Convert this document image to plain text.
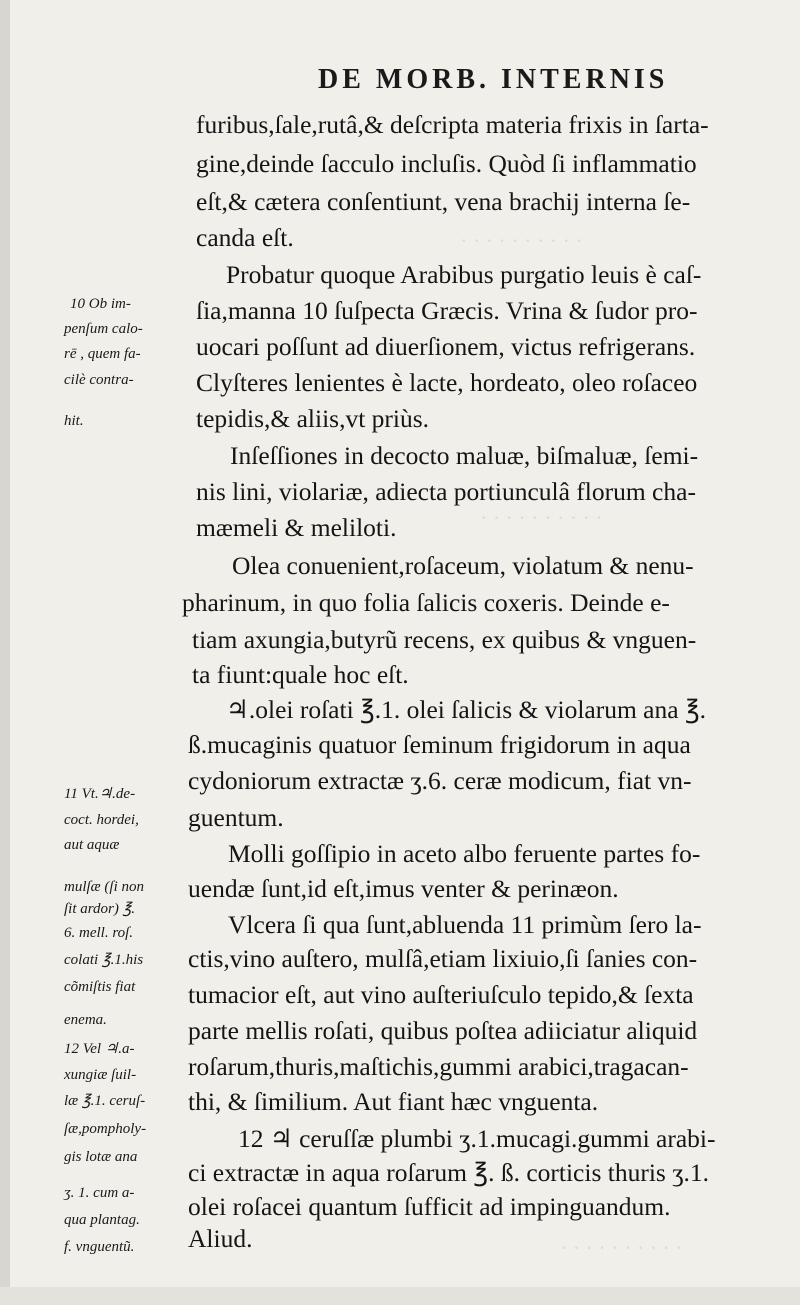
· · · · · · · · · ·
· · · · · · · · · ·
· · · · · · · · · ·
DE MORB. INTERNIS

furibus,ſale,rutâ,& deſcripta materia frixis in ſarta-

gine,deinde ſacculo incluſis. Quòd ſi inflammatio

eſt,& cætera conſentiunt, vena brachij interna ſe-

canda eſt.

Probatur quoque Arabibus purgatio leuis è caſ-

ſia,manna 10 ſuſpecta Græcis. Vrina & ſudor pro-

uocari poſſunt ad diuerſionem, victus refrigerans.

Clyſteres lenientes è lacte, hordeato, oleo roſaceo

tepidis,& aliis,vt priùs.

Inſeſſiones in decocto maluæ, biſmaluæ, ſemi-

nis lini, violariæ, adiecta portiunculâ florum cha-

mæmeli & meliloti.

Olea conuenient,roſaceum, violatum & nenu-

pharinum, in quo folia ſalicis coxeris. Deinde e-

tiam axungia,butyrũ recens, ex quibus & vnguen-

ta fiunt:quale hoc eſt.

♃.olei roſati ℥.1. olei ſalicis & violarum ana ℥.

ß.mucaginis quatuor ſeminum frigidorum in aqua

cydoniorum extractæ ʒ.6. ceræ modicum, fiat vn-

guentum.

Molli goſſipio in aceto albo feruente partes fo-

uendæ ſunt,id eſt,imus venter & perinæon.

Vlcera ſi qua ſunt,abluenda 11 primùm ſero la-

ctis,vino auſtero, mulſâ,etiam lixiuio,ſi ſanies con-

tumacior eſt, aut vino auſteriuſculo tepido,& ſexta

parte mellis roſati, quibus poſtea adiiciatur aliquid

roſarum,thuris,maſtichis,gummi arabici,tragacan-

thi, & ſimilium. Aut fiant hæc vnguenta.

12 ♃ ceruſſæ plumbi ʒ.1.mucagi.gummi arabi-

ci extractæ in aqua roſarum ℥. ß. corticis thuris ʒ.1.

olei roſacei quantum ſufficit ad impinguandum.

Aliud.

10 Ob im-

penſum calo-

rē , quem fa-

cilè contra-

hit.

11 Vt.♃.de-

coct. hordei,

aut aquæ

mulſæ (ſi non

ſit ardor) ℥.

6. mell. roſ.

colati ℥.1.his

cõmiſtis fiat

enema.

12 Vel ♃.a-

xungiæ ſuil-

læ ℥.1. ceruſ-

ſæ,pompholy-

gis lotæ ana

ʒ. 1. cum a-

qua plantag.

f. vnguentũ.
